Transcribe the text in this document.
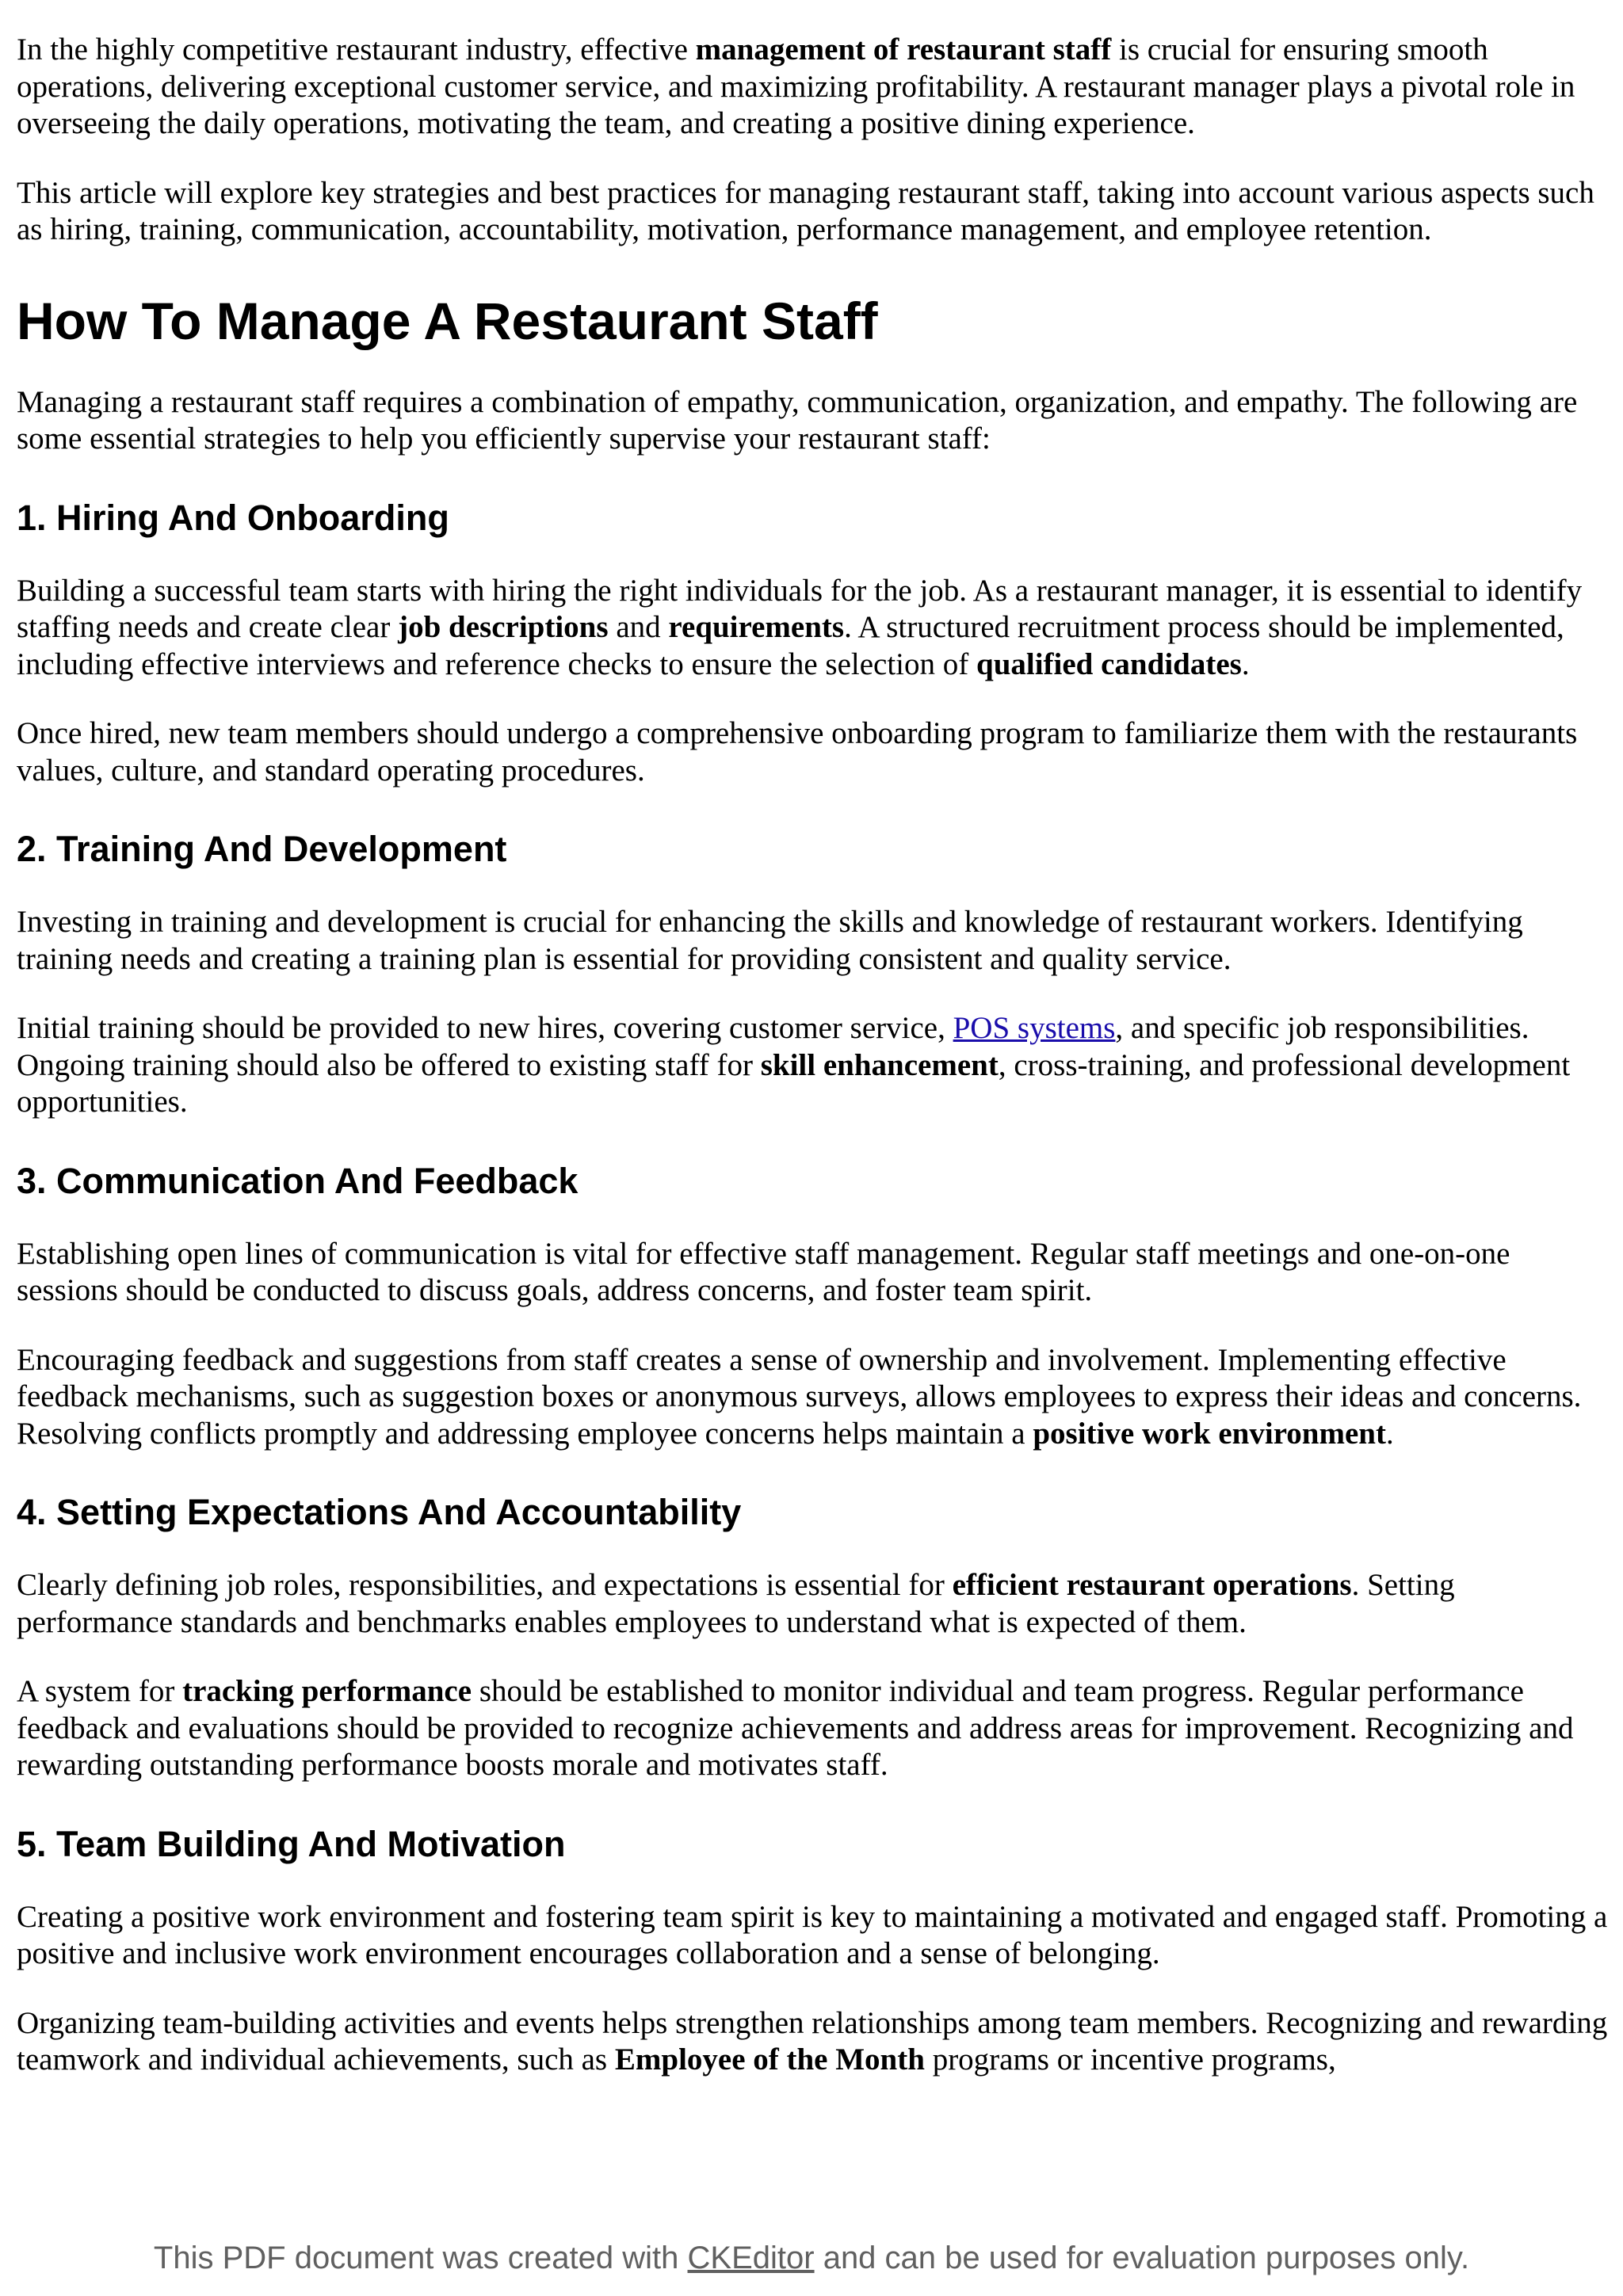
In the highly competitive restaurant industry, effective management of restaurant staff is crucial for ensuring smooth operations, delivering exceptional customer service, and maximizing profitability. A restaurant manager plays a pivotal role in overseeing the daily operations, motivating the team, and creating a positive dining experience.

This article will explore key strategies and best practices for managing restaurant staff, taking into account various aspects such as hiring, training, communication, accountability, motivation, performance management, and employee retention.

How To Manage A Restaurant Staff

Managing a restaurant staff requires a combination of empathy, communication, organization, and empathy. The following are some essential strategies to help you efficiently supervise your restaurant staff:

1. Hiring And Onboarding

Building a successful team starts with hiring the right individuals for the job. As a restaurant manager, it is essential to identify staffing needs and create clear job descriptions and requirements. A structured recruitment process should be implemented, including effective interviews and reference checks to ensure the selection of qualified candidates.

Once hired, new team members should undergo a comprehensive onboarding program to familiarize them with the restaurants values, culture, and standard operating procedures.

2. Training And Development

Investing in training and development is crucial for enhancing the skills and knowledge of restaurant workers. Identifying training needs and creating a training plan is essential for providing consistent and quality service.

Initial training should be provided to new hires, covering customer service, POS systems, and specific job responsibilities. Ongoing training should also be offered to existing staff for skill enhancement, cross-training, and professional development opportunities.

3. Communication And Feedback

Establishing open lines of communication is vital for effective staff management. Regular staff meetings and one-on-one sessions should be conducted to discuss goals, address concerns, and foster team spirit.

Encouraging feedback and suggestions from staff creates a sense of ownership and involvement. Implementing effective feedback mechanisms, such as suggestion boxes or anonymous surveys, allows employees to express their ideas and concerns. Resolving conflicts promptly and addressing employee concerns helps maintain a positive work environment.

4. Setting Expectations And Accountability

Clearly defining job roles, responsibilities, and expectations is essential for efficient restaurant operations. Setting performance standards and benchmarks enables employees to understand what is expected of them.

A system for tracking performance should be established to monitor individual and team progress. Regular performance feedback and evaluations should be provided to recognize achievements and address areas for improvement. Recognizing and rewarding outstanding performance boosts morale and motivates staff.

5. Team Building And Motivation

Creating a positive work environment and fostering team spirit is key to maintaining a motivated and engaged staff. Promoting a positive and inclusive work environment encourages collaboration and a sense of belonging.

Organizing team-building activities and events helps strengthen relationships among team members. Recognizing and rewarding teamwork and individual achievements, such as Employee of the Month programs or incentive programs,

This PDF document was created with CKEditor and can be used for evaluation purposes only.
